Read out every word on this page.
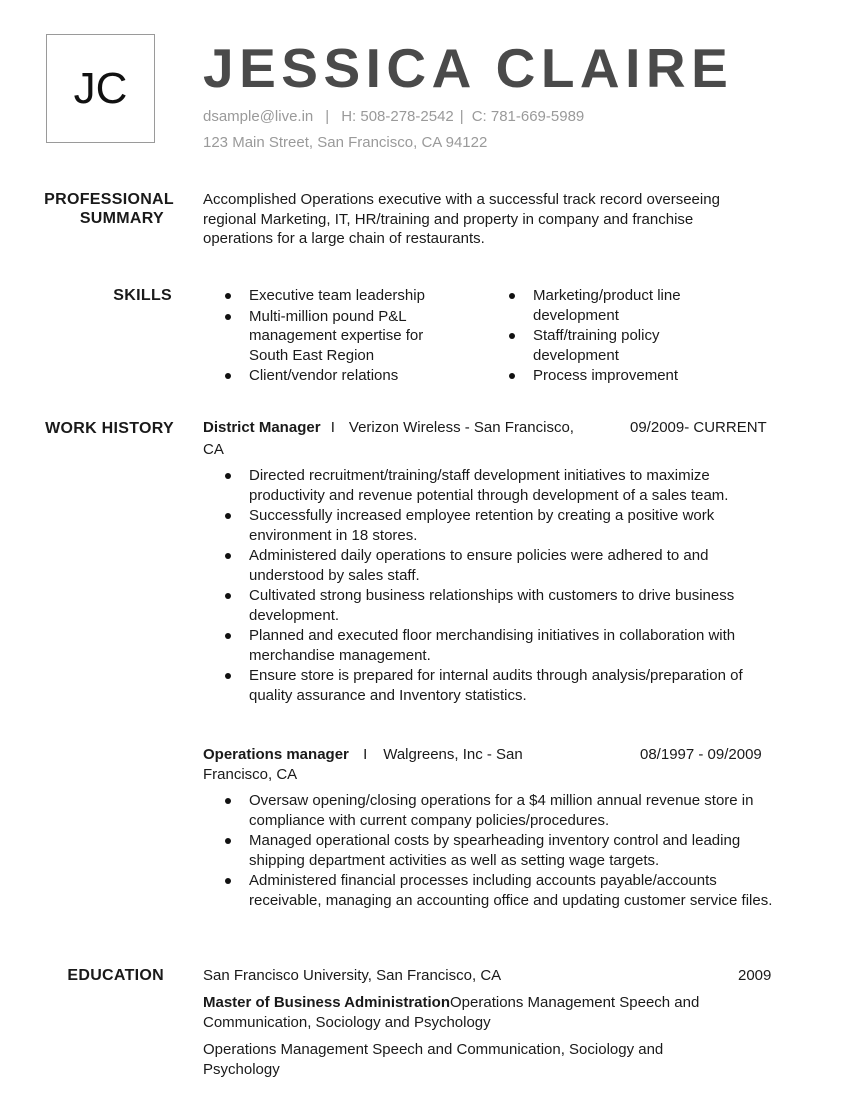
JC JESSICA CLAIRE
dsample@live.in | H: 508-278-2542 | C: 781-669-5989
123 Main Street, San Francisco, CA 94122
PROFESSIONAL
SUMMARY
Accomplished Operations executive with a successful track record overseeing regional Marketing, IT, HR/training and property in company and franchise operations for a large chain of restaurants.
SKILLS	Executive team leadership
Multi-million pound P&L management expertise for South East Region
Client/vendor relations
Marketing/product line development
Staff/training policy development
Process improvement
WORK HISTORY District Manager I Verizon Wireless - San Francisco,	09/2009- CURRENT
CA
Directed recruitment/training/staff development initiatives to maximize productivity and revenue potential through development of a sales team.
Successfully increased employee retention by creating a positive work environment in 18 stores.
Administered daily operations to ensure policies were adhered to and understood by sales staff.
Cultivated strong business relationships with customers to drive business development.
Planned and executed floor merchandising initiatives in collaboration with merchandise management.
Ensure store is prepared for internal audits through analysis/preparation of quality assurance and Inventory statistics.
Operations manager I Walgreens, Inc - San	08/1997 - 09/2009
Francisco, CA
Oversaw opening/closing operations for a $4 million annual revenue store in compliance with current company policies/procedures.
Managed operational costs by spearheading inventory control and leading shipping department activities as well as setting wage targets.
Administered financial processes including accounts payable/accounts receivable, managing an accounting office and updating customer service files.
EDUCATION	San Francisco University, San Francisco, CA	2009
Master of Business AdministrationOperations Management Speech and Communication, Sociology and Psychology
Operations Management Speech and Communication, Sociology and Psychology
